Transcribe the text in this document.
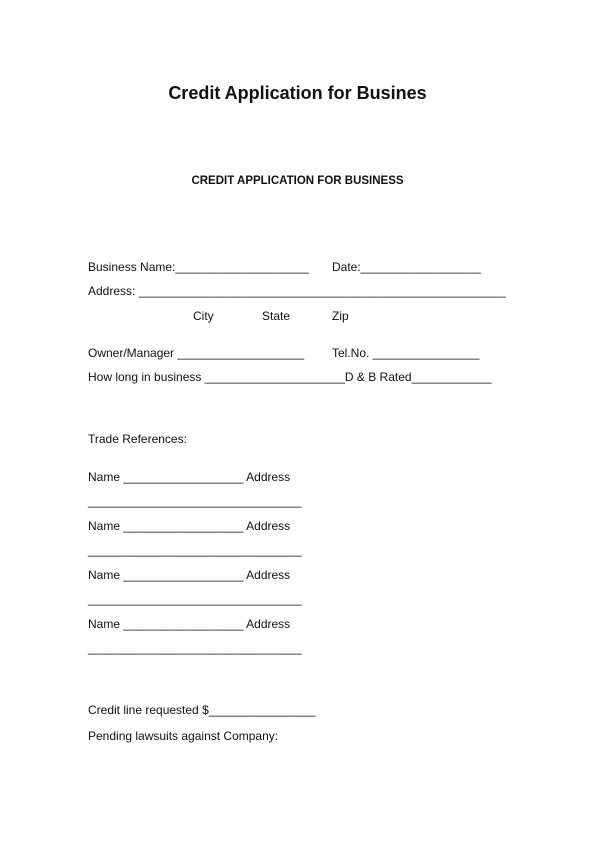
Credit Application for Busines
CREDIT APPLICATION FOR BUSINESS
Business Name:____________________ Date:__________________
Address: _______________________________________________________
City	State	Zip
Owner/Manager ___________________ Tel.No. ________________
How long in business _____________________D & B Rated____________
Trade References:
Name __________________ Address
________________________________
Name __________________ Address
________________________________
Name __________________ Address
________________________________
Name __________________ Address
________________________________
Credit line requested $________________
Pending lawsuits against Company:
